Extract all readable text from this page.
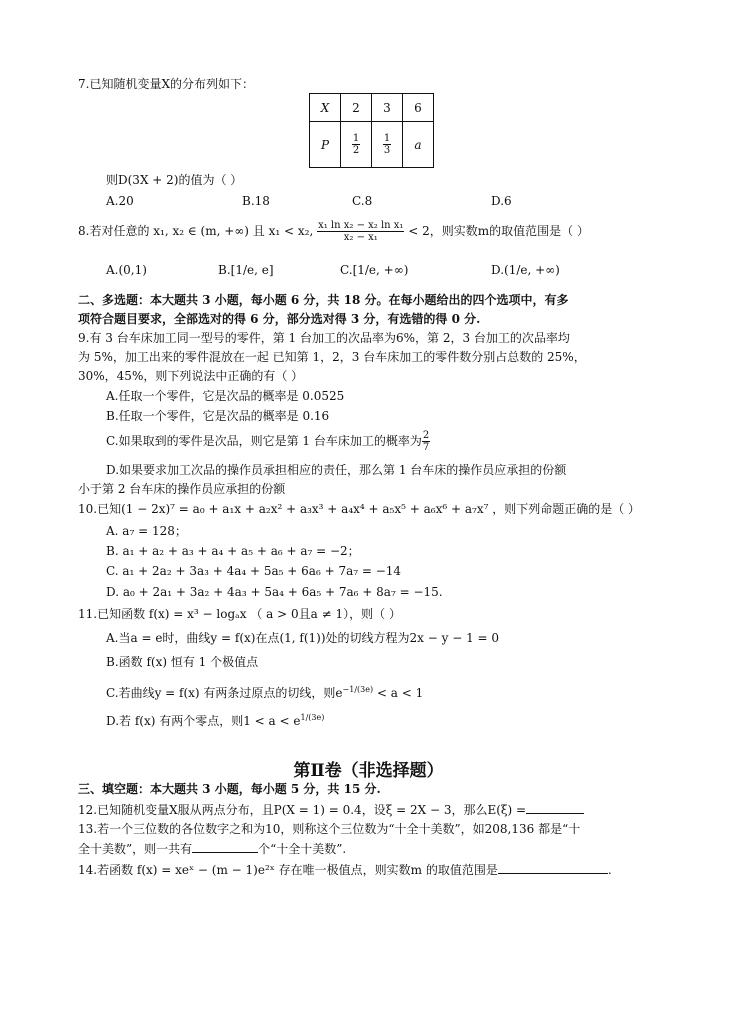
7.已知随机变量X的分布列如下：
X	2	3	6
P	$\frac{1}{2}$	$\frac{1}{3}$	a
则D(3X + 2)的值为（ ）
A.20	B.18	C.8	D.6
8.若对任意的 x₁, x₂ ∈ (m, +∞) 且 x₁ < x₂, $\frac{\text{x₁ ln x₂ − x₂ ln x₁}}{\text{x₂ − x₁}} < 2$，则实数m的取值范围是（ ）
A.(0,1)	B.[1/e, e]	C.[1/e, +∞)	D.(1/e, +∞)
二、多选题：本大题共 3 小题，每小题 6 分，共 18 分。在每小题给出的四个选项中，有多
项符合题目要求，全部选对的得 6 分，部分选对得 3 分，有选错的得 0 分.
9.有 3 台车床加工同一型号的零件，第 1 台加工的次品率为6%，第 2，3 台加工的次品率均
为 5%，加工出来的零件混放在一起 已知第 1，2，3 台车床加工的零件数分别占总数的 25%，
30%，45%，则下列说法中正确的有（ ）
A.任取一个零件，它是次品的概率是 0.0525
B.任取一个零件，它是次品的概率是 0.16
C.如果取到的零件是次品，则它是第 1 台车床加工的概率为 $\frac{2}{7}$
D.如果要求加工次品的操作员承担相应的责任，那么第 1 台车床的操作员应承担的份额
小于第 2 台车床的操作员应承担的份额
10.已知(1 − 2x)⁷ = a₀ + a₁x + a₂x² + a₃x³ + a₄x⁴ + a₅x⁵ + a₆x⁶ + a₇x⁷ ，则下列命题正确的是（ ）
A. a₇ = 128；
B. a₁ + a₂ + a₃ + a₄ + a₅ + a₆ + a₇ = −2；
C. a₁ + 2a₂ + 3a₃ + 4a₄ + 5a₅ + 6a₆ + 7a₇ = −14
D. a₀ + 2a₁ + 3a₂ + 4a₃ + 5a₄ + 6a₅ + 7a₆ + 8a₇ = −15.
11.已知函数 f(x) = x³ − logₐx （ a > 0且a ≠ 1），则（ ）
A.当a = e时，曲线y = f(x)在点(1, f(1))处的切线方程为2x − y − 1 = 0
B.函数 f(x) 恒有 1 个极值点
C.若曲线y = f(x) 有两条过原点的切线，则$e^{-1/(3e)} < a < 1$
D.若 f(x) 有两个零点，则$1 < a < e^{1/(3e)}$
第Ⅱ卷（非选择题）
三、填空题：本大题共 3 小题，每小题 5 分，共 15 分.
12.已知随机变量X服从两点分布，且P(X = 1) = 0.4，设ξ = 2X − 3，那么E(ξ) =
13.若一个三位数的各位数字之和为10，则称这个三位数为“十全十美数”，如208,136 都是“十
全十美数”，则一共有	个“十全十美数”.
14.若函数 f(x) = xeˣ − (m − 1)e²ˣ 存在唯一极值点，则实数m 的取值范围是	.
